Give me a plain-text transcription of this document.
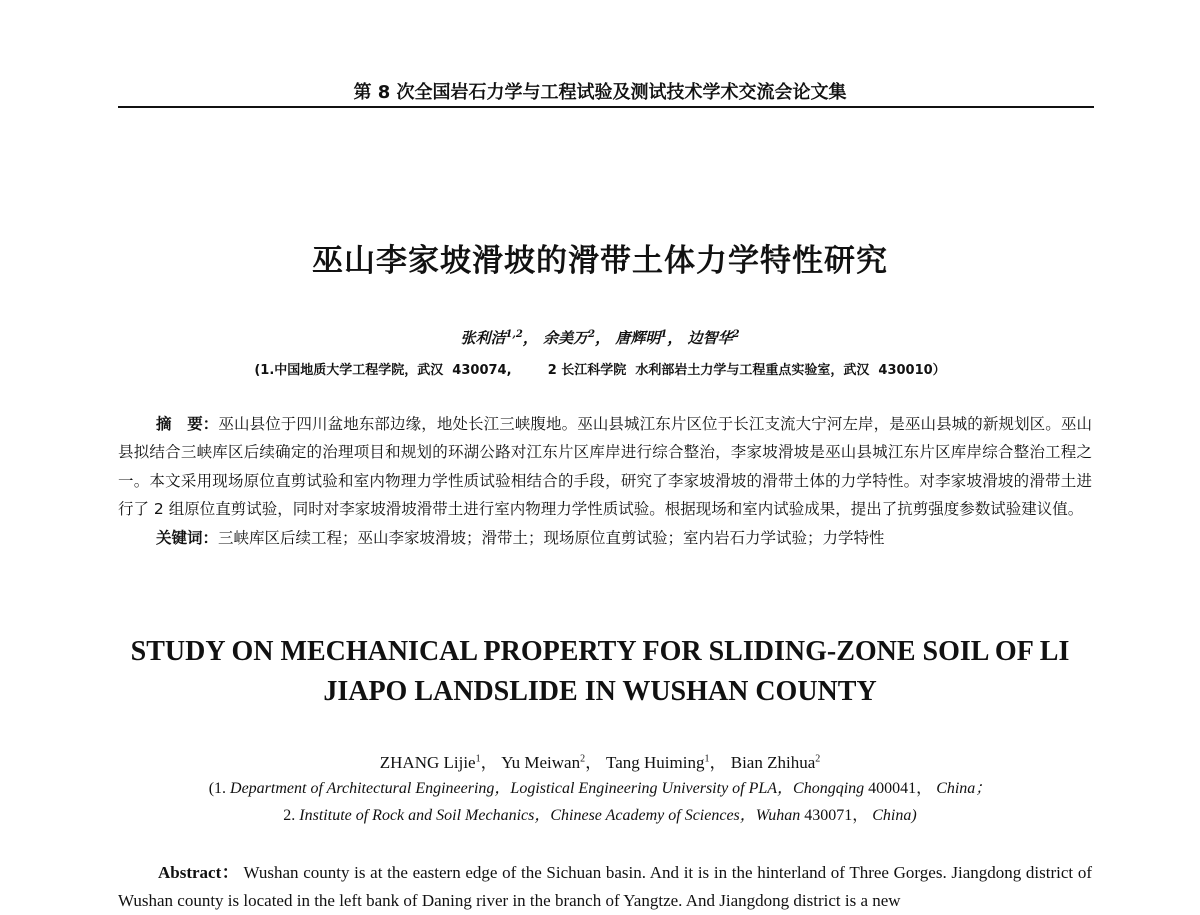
第 8 次全国岩石力学与工程试验及测试技术学术交流会论文集
巫山李家坡滑坡的滑带土体力学特性研究
张利洁$^{1,2}$， 余美万$^2$， 唐辉明$^1$， 边智华$^2$
(1.中国地质大学工程学院，武汉  430074,        2 长江科学院  水利部岩土力学与工程重点实验室，武汉  430010）

摘　要：巫山县位于四川盆地东部边缘，地处长江三峡腹地。巫山县城江东片区位于长江支流大宁河左岸，是巫山县城的新规划区。巫山县拟结合三峡库区后续确定的治理项目和规划的环湖公路对江东片区库岸进行综合整治，李家坡滑坡是巫山县城江东片区库岸综合整治工程之一。本文采用现场原位直剪试验和室内物理力学性质试验相结合的手段，研究了李家坡滑坡的滑带土体的力学特性。对李家坡滑坡的滑带土进行了 2 组原位直剪试验，同时对李家坡滑坡滑带土进行室内物理力学性质试验。根据现场和室内试验成果，提出了抗剪强度参数试验建议值。

关键词：三峡库区后续工程；巫山李家坡滑坡；滑带土；现场原位直剪试验；室内岩石力学试验；力学特性

STUDY ON MECHANICAL PROPERTY FOR SLIDING-ZONE SOIL OF LI
JIAPO LANDSLIDE IN WUSHAN COUNTY
ZHANG Lijie$^1$， Yu Meiwan$^2$， Tang Huiming$^1$， Bian Zhihua$^2$
(1. Department of Architectural Engineering，Logistical Engineering University of PLA，Chongqing 400041， China；
2. Institute of Rock and Soil Mechanics，Chinese Academy of Sciences，Wuhan 430071， China)

Abstract： Wushan county is at the eastern edge of the Sichuan basin. And it is in the hinterland of Three Gorges. Jiangdong district of Wushan county is located in the left bank of Daning river in the branch of Yangtze. And Jiangdong district is a new
